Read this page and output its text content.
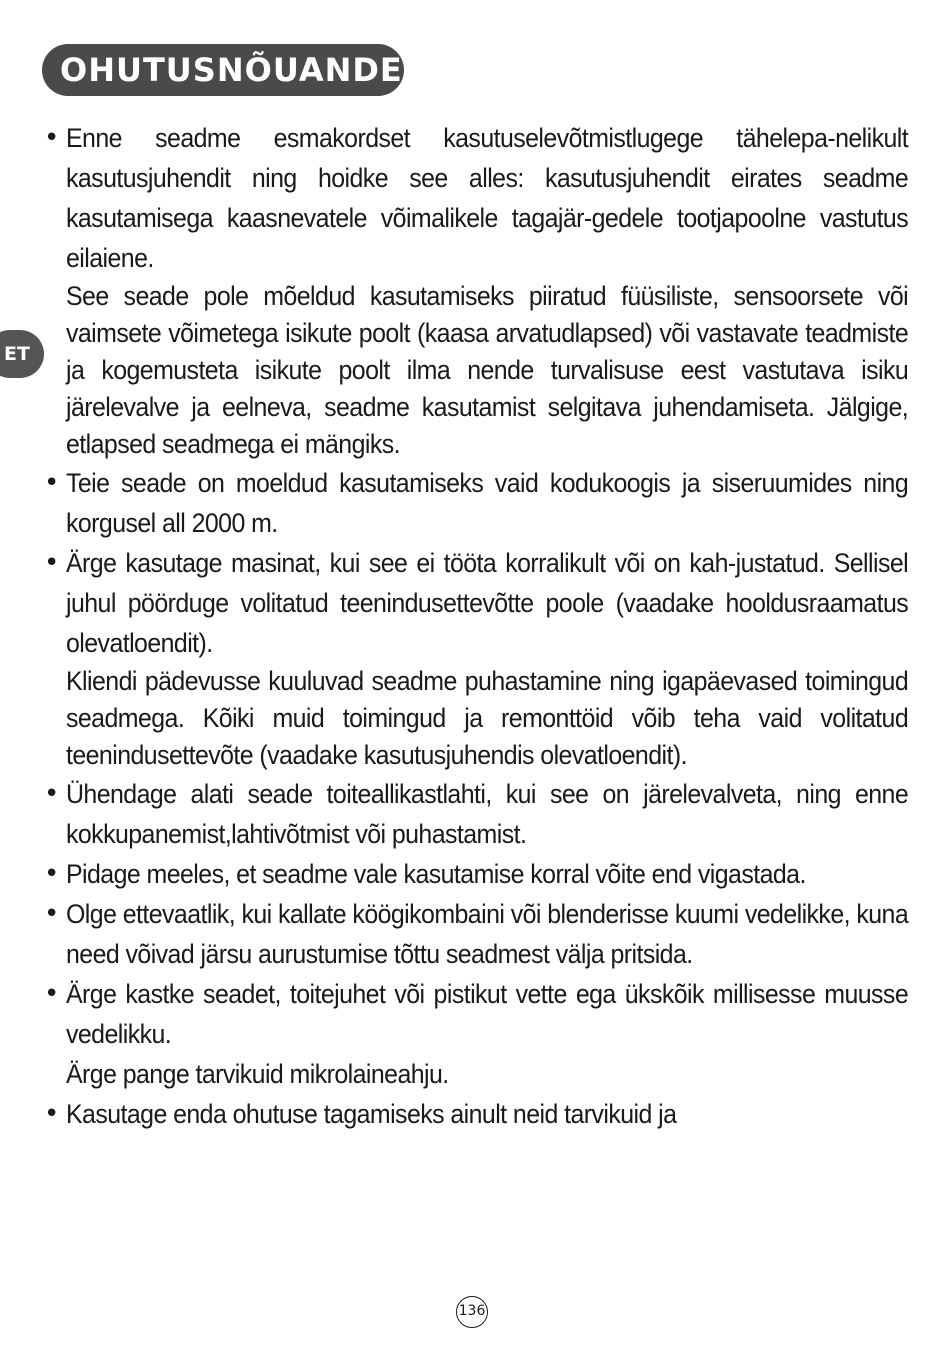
OHUTUSNÕUANDED
ET
• Enne seadme esmakordset kasutuselevõtmistlugege tähelepa-nelikult kasutusjuhendit ning hoidke see alles: kasutusjuhendit eirates seadme kasutamisega kaasnevatele võimalikele tagajär-gedele tootjapoolne vastutus eilaiene.

See seade pole mõeldud kasutamiseks piiratud füüsiliste, sensoorsete või vaimsete võimetega isikute poolt (kaasa arvatudlapsed) või vastavate teadmiste ja kogemusteta isikute poolt ilma nende turvalisuse eest vastutava isiku järelevalve ja eelneva, seadme kasutamist selgitava juhendamiseta. Jälgige, etlapsed seadmega ei mängiks.

• Teie seade on moeldud kasutamiseks vaid kodukoogis ja siseruumides ning korgusel all 2000 m.

• Ärge kasutage masinat, kui see ei tööta korralikult või on kah-justatud. Sellisel juhul pöörduge volitatud teenindusettevõtte poole (vaadake hooldusraamatus olevatloendit).

Kliendi pädevusse kuuluvad seadme puhastamine ning igapäevased toimingud seadmega. Kõiki muid toimingud ja remonttöid võib teha vaid volitatud teenindusettevõte (vaadake kasutusjuhendis olevatloendit).

• Ühendage alati seade toiteallikastlahti, kui see on järelevalveta, ning enne kokkupanemist,lahtivõtmist või puhastamist.

• Pidage meeles, et seadme vale kasutamise korral võite end vigastada.

• Olge ettevaatlik, kui kallate köögikombaini või blenderisse kuumi vedelikke, kuna need võivad järsu aurustumise tõttu seadmest välja pritsida.

• Ärge kastke seadet, toitejuhet või pistikut vette ega ükskõik millisesse muusse vedelikku.

Ärge pange tarvikuid mikrolaineahju.

• Kasutage enda ohutuse tagamiseks ainult neid tarvikuid ja

136
